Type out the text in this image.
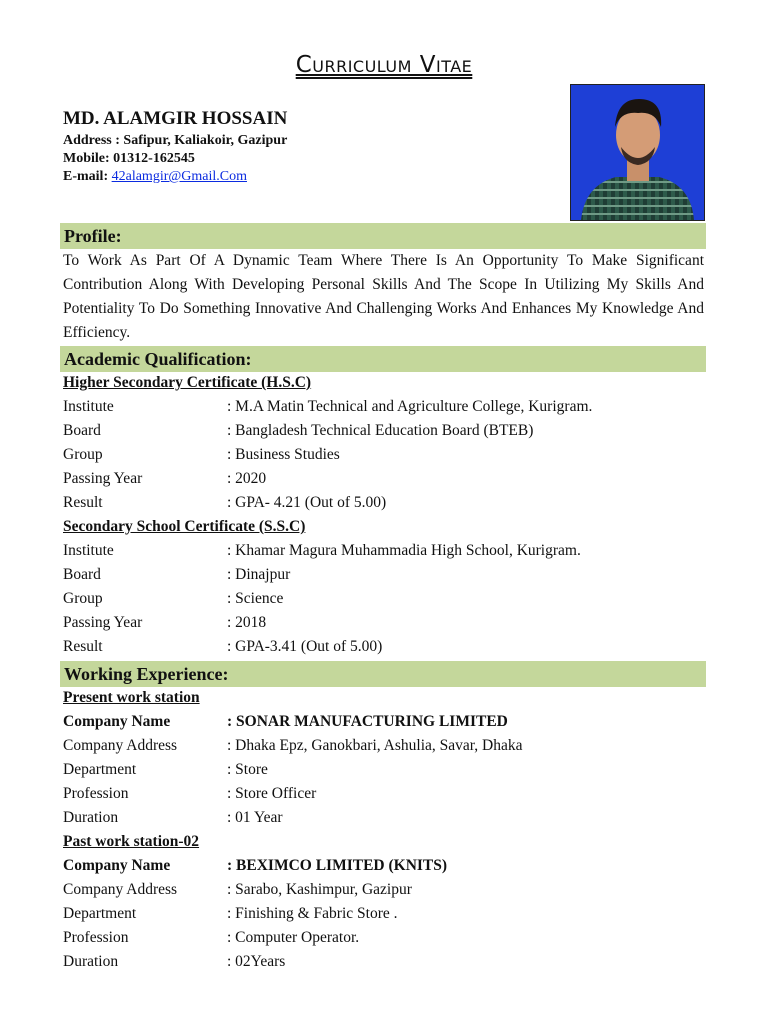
Curriculum Vitae
MD. ALAMGIR HOSSAIN
Address : Safipur, Kaliakoir, Gazipur
Mobile: 01312-162545
E-mail: 42alamgir@Gmail.Com
Profile:
To Work As Part Of A Dynamic Team Where There Is An Opportunity To Make Significant Contribution Along With Developing Personal Skills And The Scope In Utilizing My Skills And Potentiality To Do Something Innovative And Challenging Works And Enhances My Knowledge And Efficiency.
Academic Qualification:
Higher Secondary Certificate (H.S.C)
Institute	: M.A Matin Technical and Agriculture College, Kurigram.
Board	: Bangladesh Technical Education Board (BTEB)
Group	: Business Studies
Passing Year	: 2020
Result	: GPA- 4.21 (Out of 5.00)
Secondary School Certificate (S.S.C)
Institute	: Khamar Magura Muhammadia High School, Kurigram.
Board	: Dinajpur
Group	: Science
Passing Year	: 2018
Result	: GPA-3.41 (Out of 5.00)
Working Experience:
Present work station
Company Name	: SONAR MANUFACTURING LIMITED
Company Address	: Dhaka Epz, Ganokbari, Ashulia, Savar, Dhaka
Department	: Store
Profession	: Store Officer
Duration	: 01 Year
Past work station-02
Company Name	: BEXIMCO LIMITED (KNITS)
Company Address	: Sarabo, Kashimpur, Gazipur
Department	: Finishing & Fabric Store .
Profession	: Computer Operator.
Duration	: 02Years
